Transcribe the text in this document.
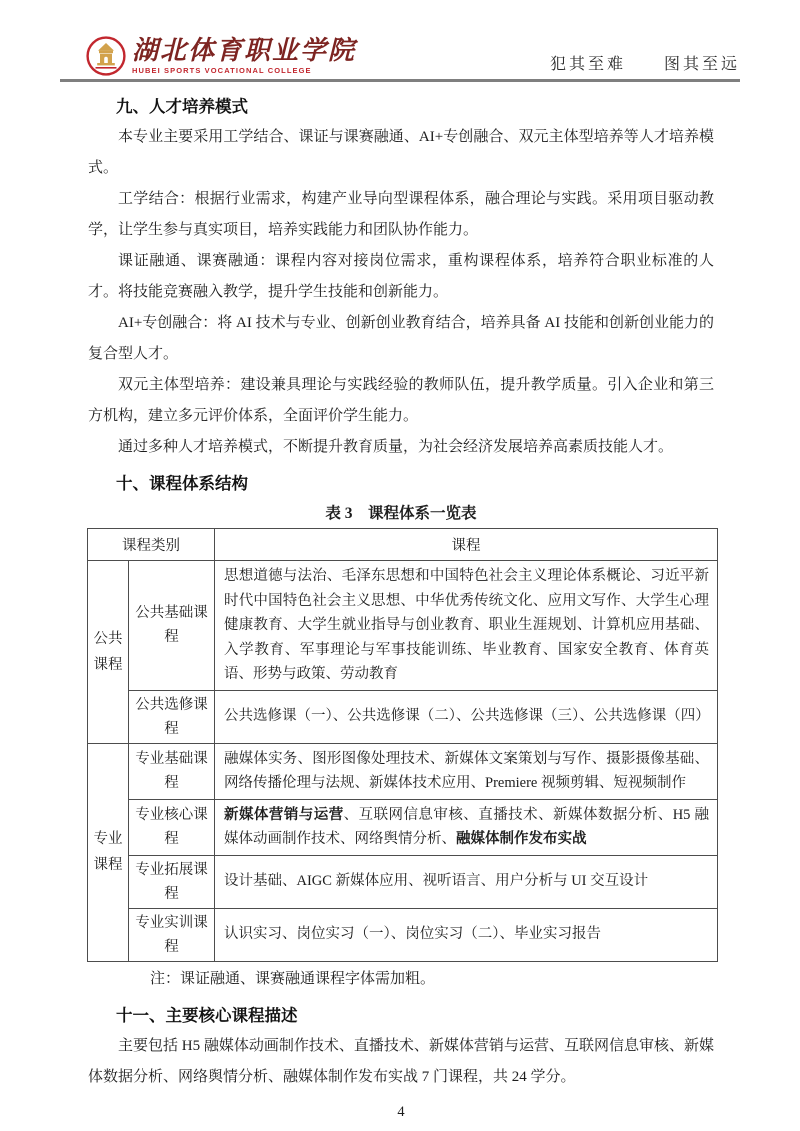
湖北体育职业学院
HUBEI SPORTS VOCATIONAL COLLEGE	犯其至难　　图其至远
九、人才培养模式

本专业主要采用工学结合、课证与课赛融通、AI+专创融合、双元主体型培养等人才培养模式。

工学结合：根据行业需求，构建产业导向型课程体系，融合理论与实践。采用项目驱动教学，让学生参与真实项目，培养实践能力和团队协作能力。

课证融通、课赛融通：课程内容对接岗位需求，重构课程体系，培养符合职业标准的人才。将技能竞赛融入教学，提升学生技能和创新能力。

AI+专创融合：将 AI 技术与专业、创新创业教育结合，培养具备 AI 技能和创新创业能力的复合型人才。

双元主体型培养：建设兼具理论与实践经验的教师队伍，提升教学质量。引入企业和第三方机构，建立多元评价体系，全面评价学生能力。

通过多种人才培养模式，不断提升教育质量，为社会经济发展培养高素质技能人才。

十、课程体系结构
表 3　课程体系一览表
课程类别		课程
公共课程	公共基础课程	思想道德与法治、毛泽东思想和中国特色社会主义理论体系概论、习近平新时代中国特色社会主义思想、中华优秀传统文化、应用文写作、大学生心理健康教育、大学生就业指导与创业教育、职业生涯规划、计算机应用基础、入学教育、军事理论与军事技能训练、毕业教育、国家安全教育、体育英语、形势与政策、劳动教育
	公共选修课程	公共选修课（一）、公共选修课（二）、公共选修课（三）、公共选修课（四）
专业课程	专业基础课程	融媒体实务、图形图像处理技术、新媒体文案策划与写作、摄影摄像基础、网络传播伦理与法规、新媒体技术应用、Premiere 视频剪辑、短视频制作
	专业核心课程	新媒体营销与运营、互联网信息审核、直播技术、新媒体数据分析、H5 融媒体动画制作技术、网络舆情分析、融媒体制作发布实战
	专业拓展课程	设计基础、AIGC 新媒体应用、视听语言、用户分析与 UI 交互设计
	专业实训课程	认识实习、岗位实习（一）、岗位实习（二）、毕业实习报告

注：课证融通、课赛融通课程字体需加粗。

十一、主要核心课程描述

主要包括 H5 融媒体动画制作技术、直播技术、新媒体营销与运营、互联网信息审核、新媒体数据分析、网络舆情分析、融媒体制作发布实战 7 门课程，共 24 学分。

4
